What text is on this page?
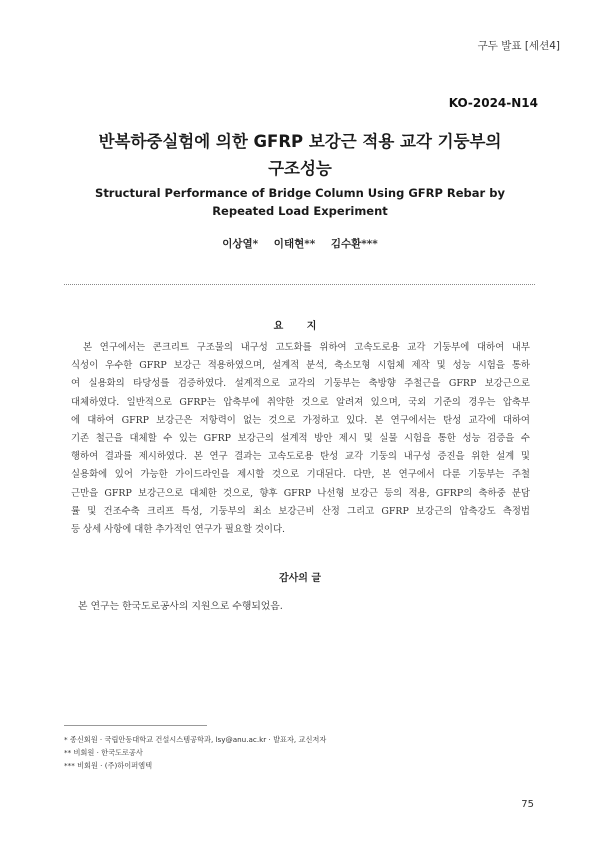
구두 발표 [세션4]
KO-2024-N14
반복하중실험에 의한 GFRP 보강근 적용 교각 기둥부의
구조성능
Structural Performance of Bridge Column Using GFRP Rebar by
Repeated Load Experiment
이상열* 이태현** 김수환***
요 지
본 연구에서는 콘크리트 구조물의 내구성 고도화를 위하여 고속도로용 교각 기둥부에 대하여 내부
식성이 우수한 GFRP 보강근 적용하였으며, 설계적 분석, 축소모형 시험체 제작 및 성능 시험을 통하
여 실용화의 타당성를 검증하였다. 설계적으로 교각의 기둥부는 축방향 주철근을 GFRP 보강근으로
대체하였다. 일반적으로 GFRP는 압축부에 취약한 것으로 알려져 있으며, 국외 기준의 경우는 압축부
에 대하여 GFRP 보강근은 저항력이 없는 것으로 가정하고 있다. 본 연구에서는 탄성 교각에 대하여
기존 철근을 대체할 수 있는 GFRP 보강근의 설계적 방안 제시 및 실물 시험을 통한 성능 검증을 수
행하여 결과를 제시하였다. 본 연구 결과는 고속도로용 탄성 교각 기둥의 내구성 증진을 위한 설계 및
실용화에 있어 가능한 가이드라인을 제시할 것으로 기대된다. 다만, 본 연구에서 다룬 기둥부는 주철
근만을 GFRP 보강근으로 대체한 것으로, 향후 GFRP 나선형 보강근 등의 적용, GFRP의 축하중 분담
률 및 건조수축 크리프 특성, 기둥부의 최소 보강근비 산정 그리고 GFRP 보강근의 압축강도 측정법
등 상세 사항에 대한 추가적인 연구가 필요할 것이다.
감사의 글
본 연구는 한국도로공사의 지원으로 수행되었음.
* 종신회원 · 국립안동대학교 건설시스템공학과, lsy@anu.ac.kr · 발표자, 교신저자
** 비회원 · 한국도로공사
*** 비회원 · (주)하이퍼엠텍
75
